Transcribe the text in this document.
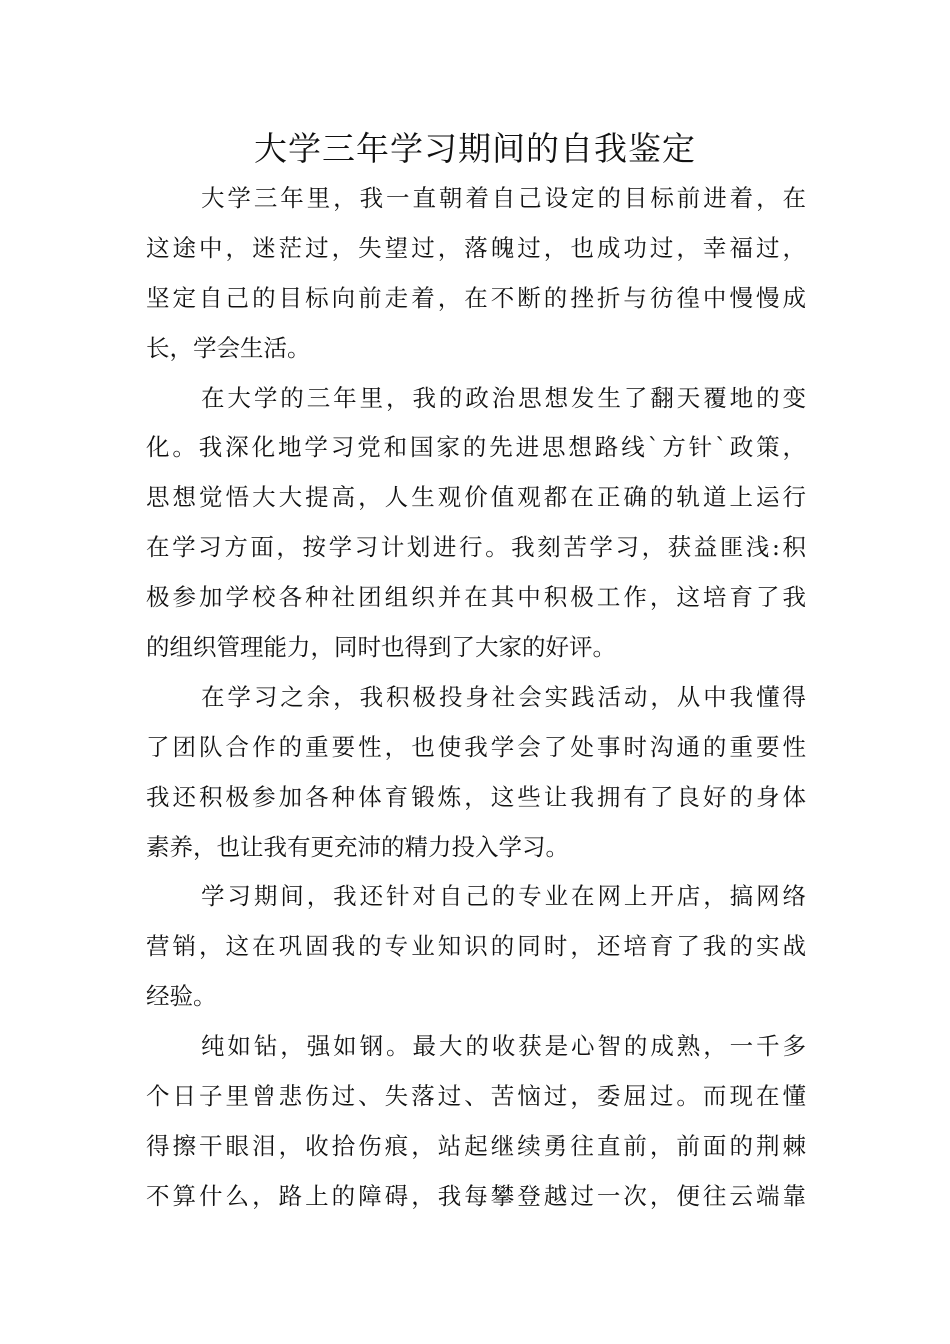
大学三年学习期间的自我鉴定
大学三年里，我一直朝着自己设定的目标前进着，在
这途中，迷茫过，失望过，落魄过，也成功过，幸福过，
坚定自己的目标向前走着，在不断的挫折与彷徨中慢慢成
长，学会生活。
在大学的三年里，我的政治思想发生了翻天覆地的变
化。我深化地学习党和国家的先进思想路线`方针`政策，
思想觉悟大大提高，人生观价值观都在正确的轨道上运行
在学习方面，按学习计划进行。我刻苦学习，获益匪浅:积
极参加学校各种社团组织并在其中积极工作，这培育了我
的组织管理能力，同时也得到了大家的好评。
在学习之余，我积极投身社会实践活动，从中我懂得
了团队合作的重要性，也使我学会了处事时沟通的重要性
我还积极参加各种体育锻炼，这些让我拥有了良好的身体
素养，也让我有更充沛的精力投入学习。
学习期间，我还针对自己的专业在网上开店，搞网络
营销，这在巩固我的专业知识的同时，还培育了我的实战
经验。
纯如钻，强如钢。最大的收获是心智的成熟，一千多
个日子里曾悲伤过、失落过、苦恼过，委屈过。而现在懂
得擦干眼泪，收拾伤痕，站起继续勇往直前，前面的荆棘
不算什么，路上的障碍，我每攀登越过一次，便往云端靠
